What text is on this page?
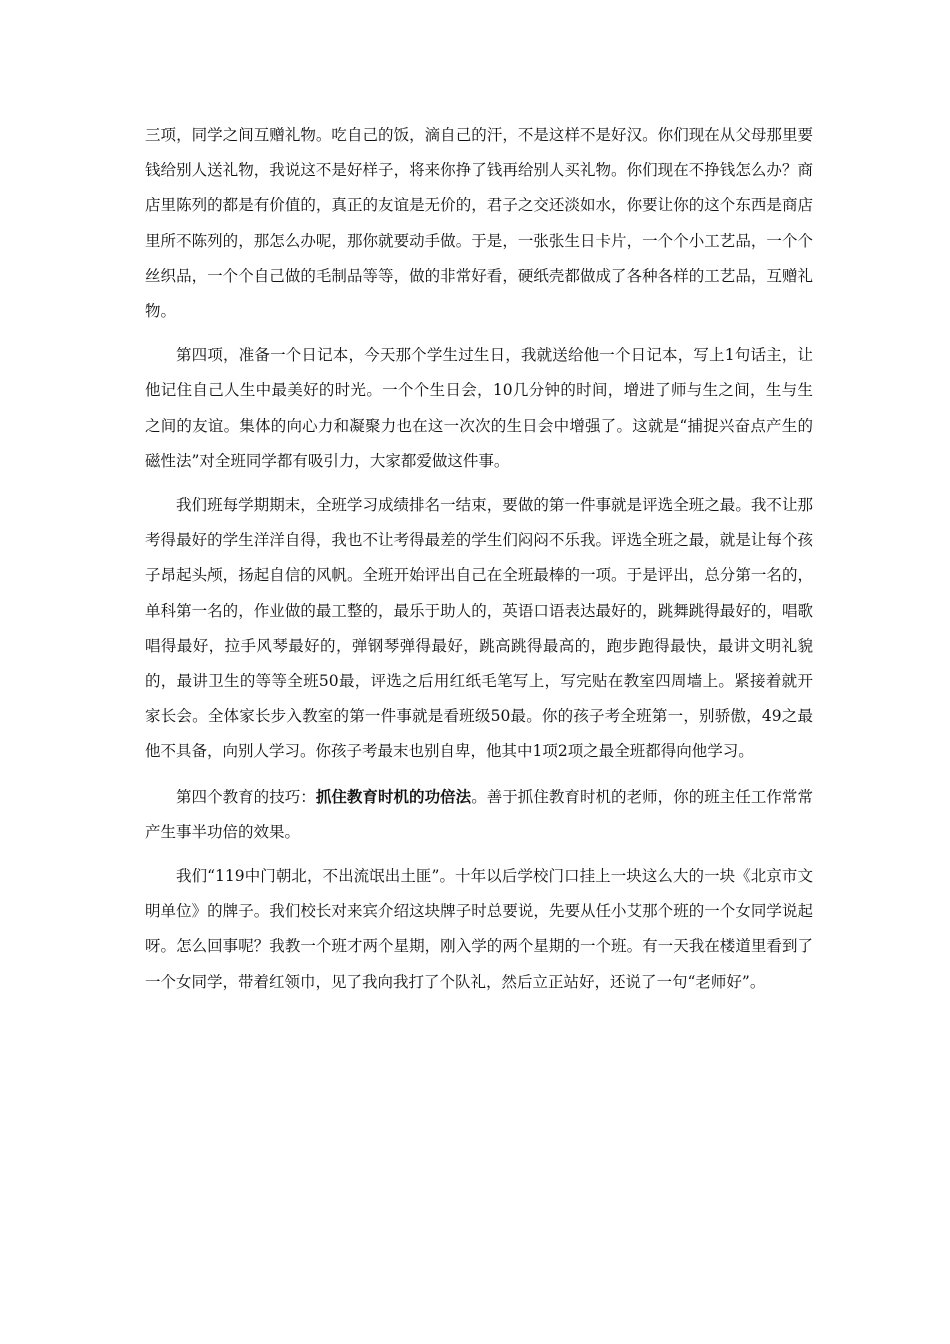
三项，同学之间互赠礼物。吃自己的饭，滴自己的汗，不是这样不是好汉。你们现在从父母那里要钱给别人送礼物，我说这不是好样子，将来你挣了钱再给别人买礼物。你们现在不挣钱怎么办？商店里陈列的都是有价值的，真正的友谊是无价的，君子之交还淡如水，你要让你的这个东西是商店里所不陈列的，那怎么办呢，那你就要动手做。于是，一张张生日卡片，一个个小工艺品，一个个丝织品，一个个自己做的毛制品等等，做的非常好看，硬纸壳都做成了各种各样的工艺品，互赠礼物。

第四项，准备一个日记本，今天那个学生过生日，我就送给他一个日记本，写上1句话主，让他记住自己人生中最美好的时光。一个个生日会，10几分钟的时间，增进了师与生之间，生与生之间的友谊。集体的向心力和凝聚力也在这一次次的生日会中增强了。这就是“捕捉兴奋点产生的磁性法”对全班同学都有吸引力，大家都爱做这件事。

我们班每学期期末，全班学习成绩排名一结束，要做的第一件事就是评选全班之最。我不让那考得最好的学生洋洋自得，我也不让考得最差的学生们闷闷不乐我。评选全班之最，就是让每个孩子昂起头颅，扬起自信的风帆。全班开始评出自己在全班最棒的一项。于是评出，总分第一名的，单科第一名的，作业做的最工整的，最乐于助人的，英语口语表达最好的，跳舞跳得最好的，唱歌唱得最好，拉手风琴最好的，弹钢琴弹得最好，跳高跳得最高的，跑步跑得最快，最讲文明礼貌的，最讲卫生的等等全班50最，评选之后用红纸毛笔写上，写完贴在教室四周墙上。紧接着就开家长会。全体家长步入教室的第一件事就是看班级50最。你的孩子考全班第一，别骄傲，49之最他不具备，向别人学习。你孩子考最末也别自卑，他其中1项2项之最全班都得向他学习。

第四个教育的技巧：抓住教育时机的功倍法。善于抓住教育时机的老师，你的班主任工作常常产生事半功倍的效果。

我们“119中门朝北，不出流氓出土匪”。十年以后学校门口挂上一块这么大的一块《北京市文明单位》的牌子。我们校长对来宾介绍这块牌子时总要说，先要从任小艾那个班的一个女同学说起呀。怎么回事呢？我教一个班才两个星期，刚入学的两个星期的一个班。有一天我在楼道里看到了一个女同学，带着红领巾，见了我向我打了个队礼，然后立正站好，还说了一句“老师好”。
